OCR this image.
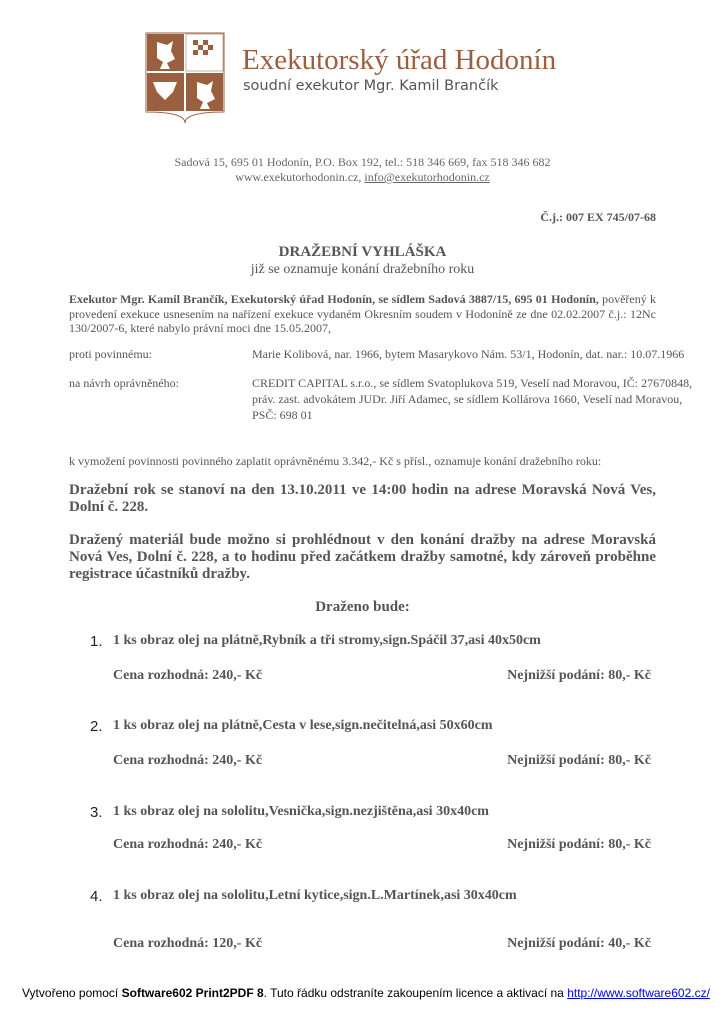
Exekutorský úřad Hodonín
soudní exekutor Mgr. Kamil Brančík
Sadová 15, 695 01 Hodonín, P.O. Box 192, tel.: 518 346 669, fax 518 346 682
www.exekutorhodonin.cz, info@exekutorhodonin.cz
Č.j.: 007 EX 745/07-68
DRAŽEBNÍ VYHLÁŠKA
již se oznamuje konání dražebního roku
Exekutor Mgr. Kamil Brančík, Exekutorský úřad Hodonín, se sídlem Sadová 3887/15, 695 01 Hodonín, pověřený k provedení exekuce usnesením na nařízení exekuce vydaném Okresním soudem v Hodoníně ze dne 02.02.2007 č.j.: 12Nc 130/2007-6, které nabylo právní moci dne 15.05.2007,
proti povinnému:	Marie Kolibová, nar. 1966, bytem Masarykovo Nám. 53/1, Hodonín, dat. nar.: 10.07.1966
na návrh oprávněného:	CREDIT CAPITAL s.r.o., se sídlem Svatoplukova 519, Veselí nad Moravou, IČ: 27670848, práv. zast. advokátem JUDr. Jiří Adamec, se sídlem Kollárova 1660, Veselí nad Moravou, PSČ: 698 01
k vymožení povinnosti povinného zaplatit oprávněnému 3.342,- Kč s přísl., oznamuje konání dražebního roku:
Dražební rok se stanoví na den 13.10.2011 ve 14:00 hodin na adrese Moravská Nová Ves, Dolní č. 228.
Dražený materiál bude možno si prohlédnout v den konání dražby na adrese Moravská Nová Ves, Dolní č. 228, a to hodinu před začátkem dražby samotné, kdy zároveň proběhne registrace účastníků dražby.
Draženo bude:
1. 1 ks obraz olej na plátně,Rybník a tři stromy,sign.Spáčil 37,asi 40x50cm
Cena rozhodná: 240,- Kč	Nejnižší podání: 80,- Kč
2. 1 ks obraz olej na plátně,Cesta v lese,sign.nečitelná,asi 50x60cm
Cena rozhodná: 240,- Kč	Nejnižší podání: 80,- Kč
3. 1 ks obraz olej na sololitu,Vesnička,sign.nezjištěna,asi 30x40cm
Cena rozhodná: 240,- Kč	Nejnižší podání: 80,- Kč
4. 1 ks obraz olej na sololitu,Letní kytice,sign.L.Martínek,asi 30x40cm
Cena rozhodná: 120,- Kč	Nejnižší podání: 40,- Kč
Vytvořeno pomocí Software602 Print2PDF 8. Tuto řádku odstraníte zakoupením licence a aktivací na http://www.software602.cz/
